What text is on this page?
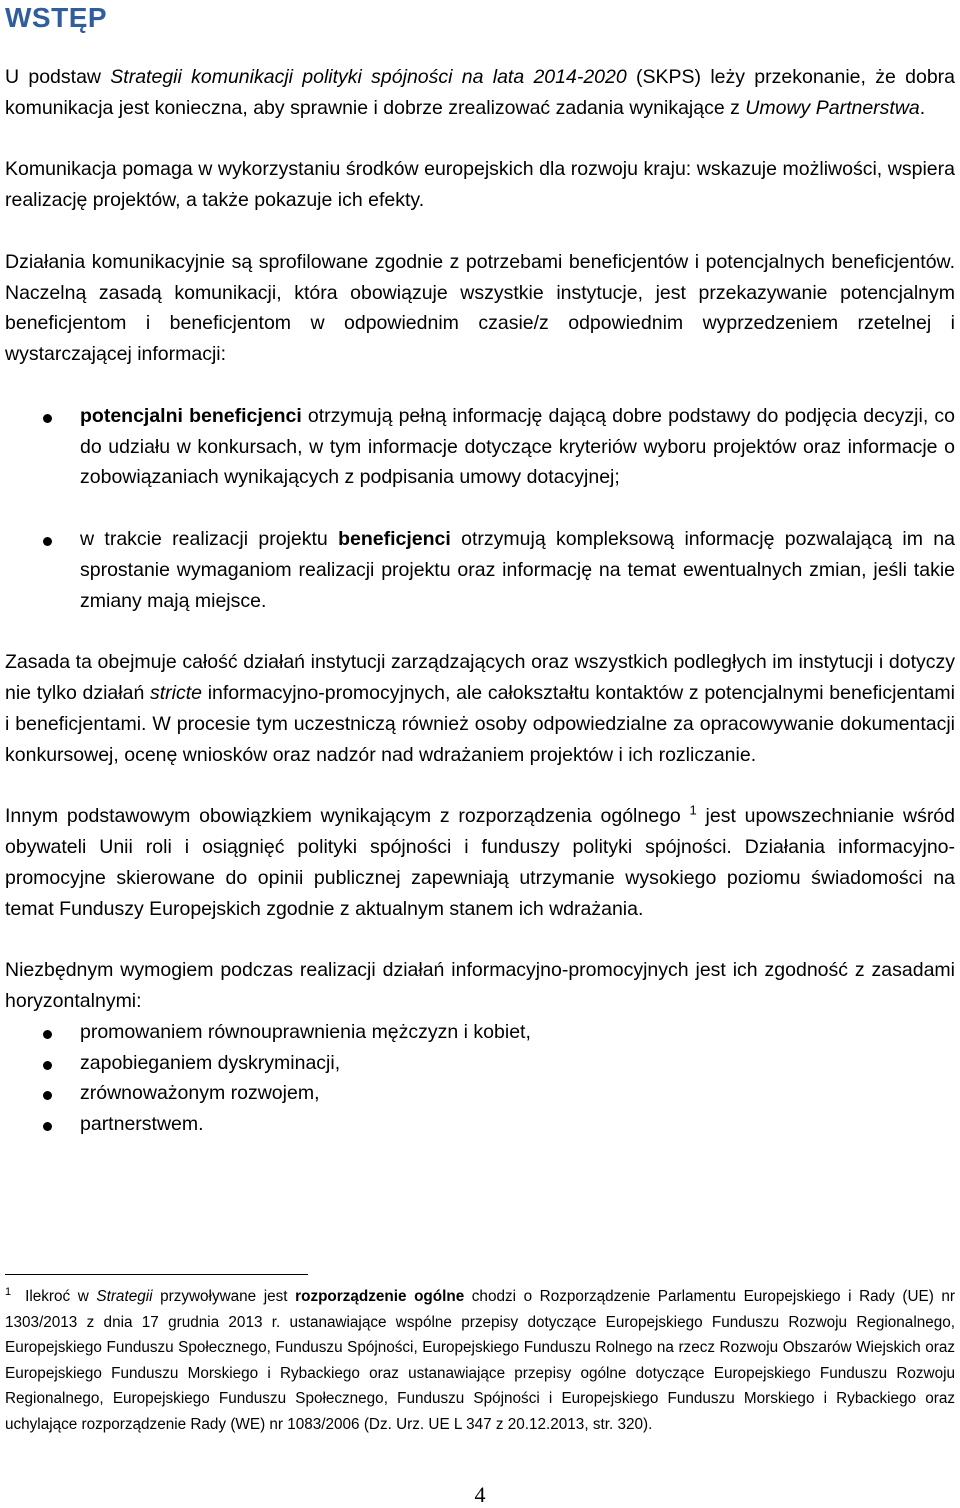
WSTĘP

U podstaw Strategii komunikacji polityki spójności na lata 2014-2020 (SKPS) leży przekonanie, że dobra komunikacja jest konieczna, aby sprawnie i dobrze zrealizować zadania wynikające z Umowy Partnerstwa.

Komunikacja pomaga w wykorzystaniu środków europejskich dla rozwoju kraju: wskazuje możliwości, wspiera realizację projektów, a także pokazuje ich efekty.

Działania komunikacyjnie są sprofilowane zgodnie z potrzebami beneficjentów i potencjalnych beneficjentów. Naczelną zasadą komunikacji, która obowiązuje wszystkie instytucje, jest przekazywanie potencjalnym beneficjentom i beneficjentom w odpowiednim czasie/z odpowiednim wyprzedzeniem rzetelnej i wystarczającej informacji:

potencjalni beneficjenci otrzymują pełną informację dającą dobre podstawy do podjęcia decyzji, co do udziału w konkursach, w tym informacje dotyczące kryteriów wyboru projektów oraz informacje o zobowiązaniach wynikających z podpisania umowy dotacyjnej;
w trakcie realizacji projektu beneficjenci otrzymują kompleksową informację pozwalającą im na sprostanie wymaganiom realizacji projektu oraz informację na temat ewentualnych zmian, jeśli takie zmiany mają miejsce.

Zasada ta obejmuje całość działań instytucji zarządzających oraz wszystkich podległych im instytucji i dotyczy nie tylko działań stricte informacyjno-promocyjnych, ale całokształtu kontaktów z potencjalnymi beneficjentami i beneficjentami. W procesie tym uczestniczą również osoby odpowiedzialne za opracowywanie dokumentacji konkursowej, ocenę wniosków oraz nadzór nad wdrażaniem projektów i ich rozliczanie.

Innym podstawowym obowiązkiem wynikającym z rozporządzenia ogólnego $^1$ jest upowszechnianie wśród obywateli Unii roli i osiągnięć polityki spójności i funduszy polityki spójności. Działania informacyjno-promocyjne skierowane do opinii publicznej zapewniają utrzymanie wysokiego poziomu świadomości na temat Funduszy Europejskich zgodnie z aktualnym stanem ich wdrażania.

Niezbędnym wymogiem podczas realizacji działań informacyjno-promocyjnych jest ich zgodność z zasadami horyzontalnymi:

promowaniem równouprawnienia mężczyzn i kobiet,
zapobieganiem dyskryminacji,
zrównoważonym rozwojem,
partnerstwem.
$^1$ Ilekroć w Strategii przywoływane jest rozporządzenie ogólne chodzi o Rozporządzenie Parlamentu Europejskiego i Rady (UE) nr 1303/2013 z dnia 17 grudnia 2013 r. ustanawiające wspólne przepisy dotyczące Europejskiego Funduszu Rozwoju Regionalnego, Europejskiego Funduszu Społecznego, Funduszu Spójności, Europejskiego Funduszu Rolnego na rzecz Rozwoju Obszarów Wiejskich oraz Europejskiego Funduszu Morskiego i Rybackiego oraz ustanawiające przepisy ogólne dotyczące Europejskiego Funduszu Rozwoju Regionalnego, Europejskiego Funduszu Społecznego, Funduszu Spójności i Europejskiego Funduszu Morskiego i Rybackiego oraz uchylające rozporządzenie Rady (WE) nr 1083/2006 (Dz. Urz. UE L 347 z 20.12.2013, str. 320).
4
